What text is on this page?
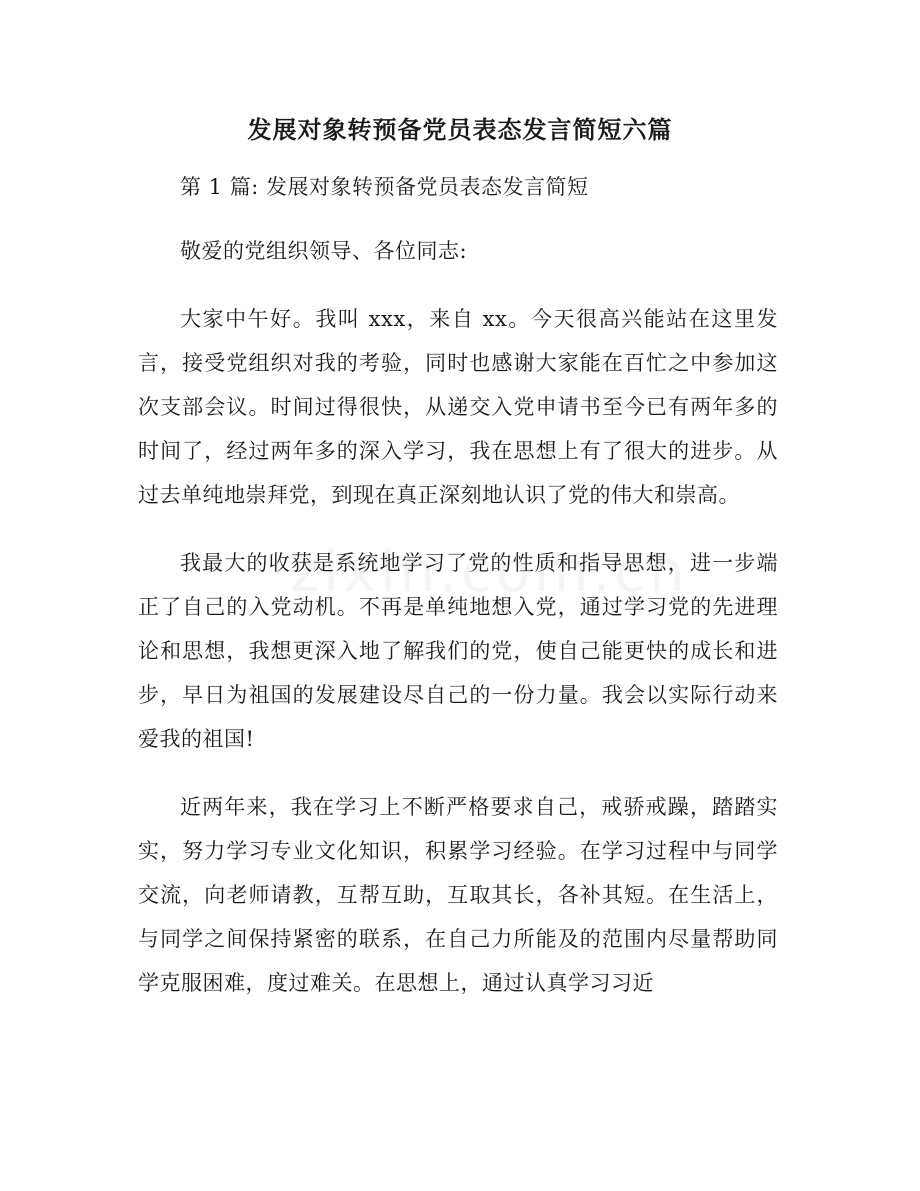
发展对象转预备党员表态发言简短六篇

第 1 篇: 发展对象转预备党员表态发言简短

敬爱的党组织领导、各位同志:

大家中午好。我叫 xxx，来自 xx。今天很高兴能站在这里发言，接受党组织对我的考验，同时也感谢大家能在百忙之中参加这次支部会议。时间过得很快，从递交入党申请书至今已有两年多的时间了，经过两年多的深入学习，我在思想上有了很大的进步。从过去单纯地崇拜党，到现在真正深刻地认识了党的伟大和崇高。

我最大的收获是系统地学习了党的性质和指导思想，进一步端正了自己的入党动机。不再是单纯地想入党，通过学习党的先进理论和思想，我想更深入地了解我们的党，使自己能更快的成长和进步，早日为祖国的发展建设尽自己的一份力量。我会以实际行动来爱我的祖国!

近两年来，我在学习上不断严格要求自己，戒骄戒躁，踏踏实实，努力学习专业文化知识，积累学习经验。在学习过程中与同学交流，向老师请教，互帮互助，互取其长，各补其短。在生活上，与同学之间保持紧密的联系，在自己力所能及的范围内尽量帮助同学克服困难，度过难关。在思想上，通过认真学习习近
